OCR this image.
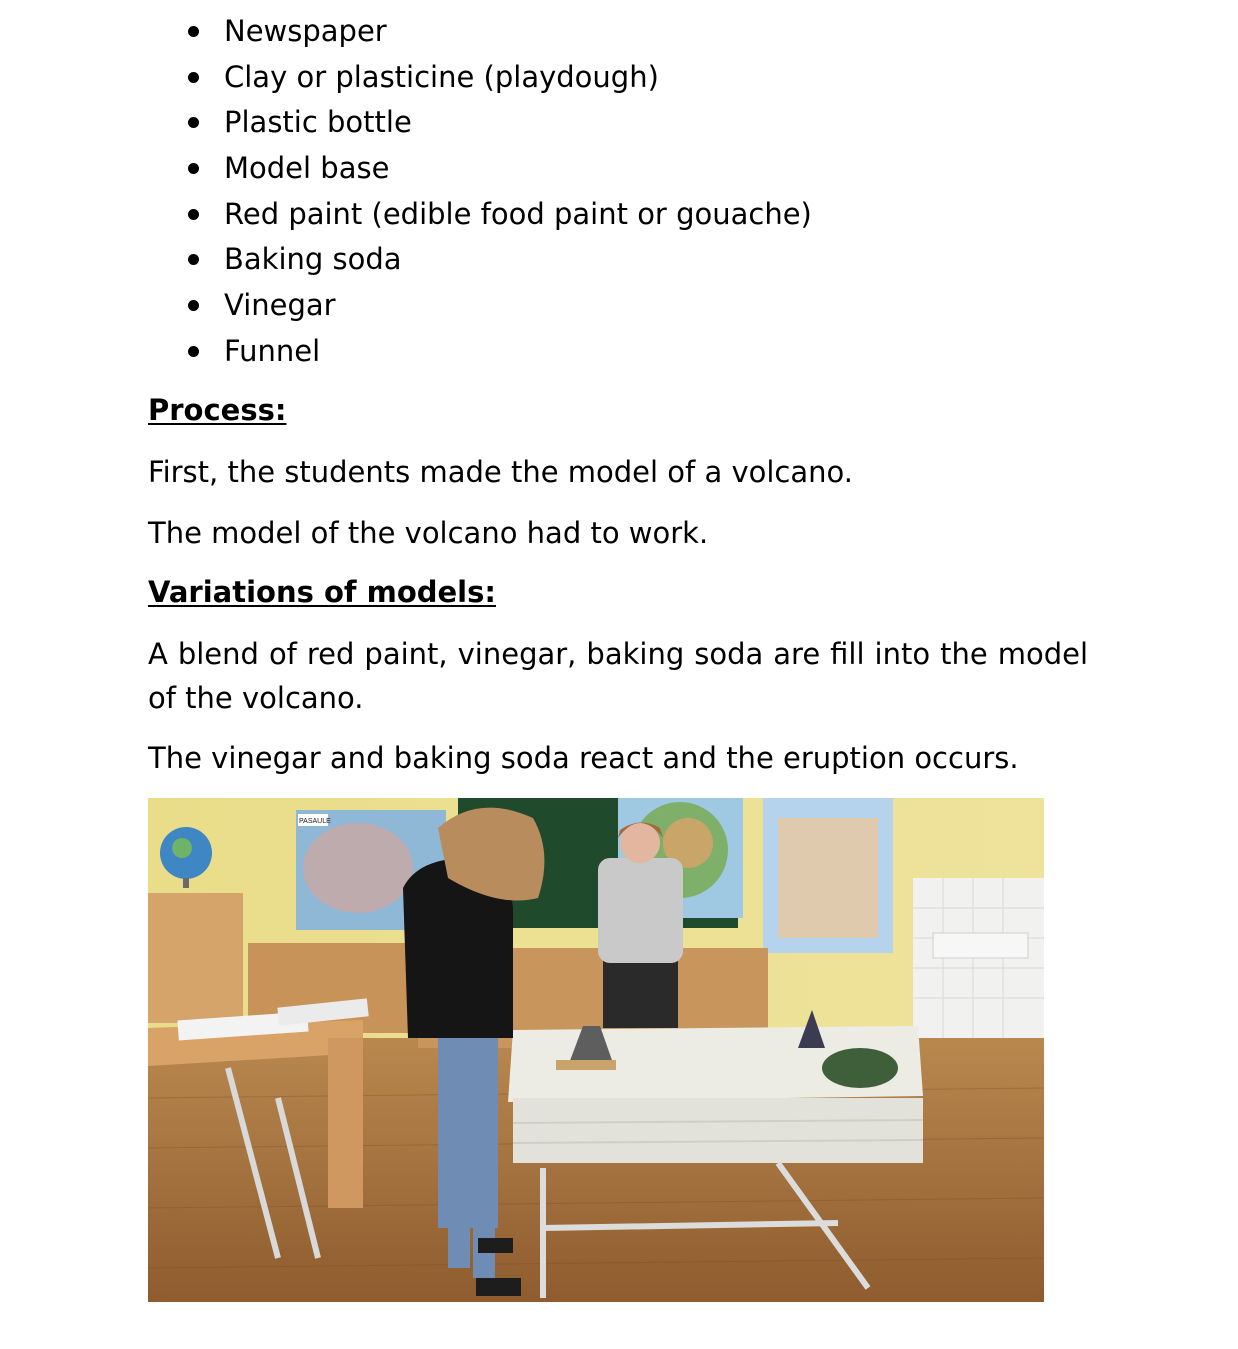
Newspaper
Clay or plasticine (playdough)
Plastic bottle
Model base
Red paint (edible food paint or gouache)
Baking soda
Vinegar
Funnel
Process:
First, the students made the model of a volcano.
The model of the volcano had to work.
Variations of models:
A blend of red paint, vinegar, baking soda are fill into the model of the volcano.
The vinegar and baking soda react and the eruption occurs.
PASAULE
